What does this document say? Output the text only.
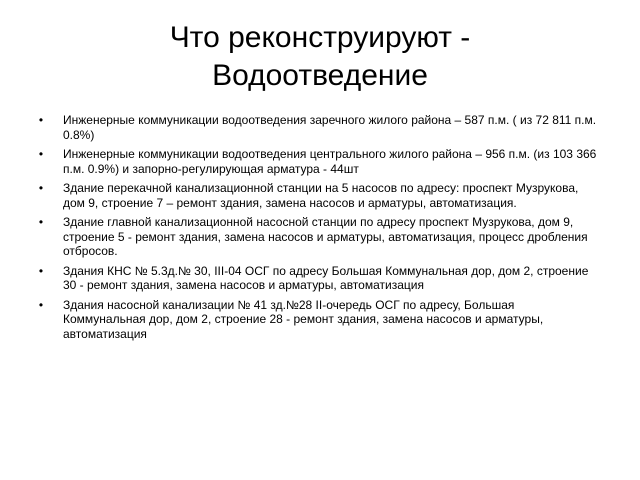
Что реконструируют -
Водоотведение
• Инженерные коммуникации водоотведения заречного жилого района – 587 п.м. ( из 72 811 п.м. 0.8%)
• Инженерные коммуникации водоотведения центрального жилого района – 956 п.м. (из 103 366 п.м. 0.9%) и запорно-регулирующая арматура - 44шт
• Здание перекачной канализационной станции на 5 насосов по адресу: проспект Музрукова, дом 9, строение 7 – ремонт здания, замена насосов и арматуры, автоматизация.
• Здание главной канализационной насосной станции по адресу проспект Музрукова, дом 9, строение 5 - ремонт здания, замена насосов и арматуры, автоматизация, процесс дробления отбросов.
• Здания КНС № 5.3д.№ 30, III-04 ОСГ по адресу Большая Коммунальная дор, дом 2, строение 30 - ремонт здания, замена насосов и арматуры, автоматизация
• Здания насосной канализации № 41 зд.№28 II-очередь ОСГ по адресу, Большая Коммунальная дор, дом 2, строение 28 - ремонт здания, замена насосов и арматуры, автоматизация
